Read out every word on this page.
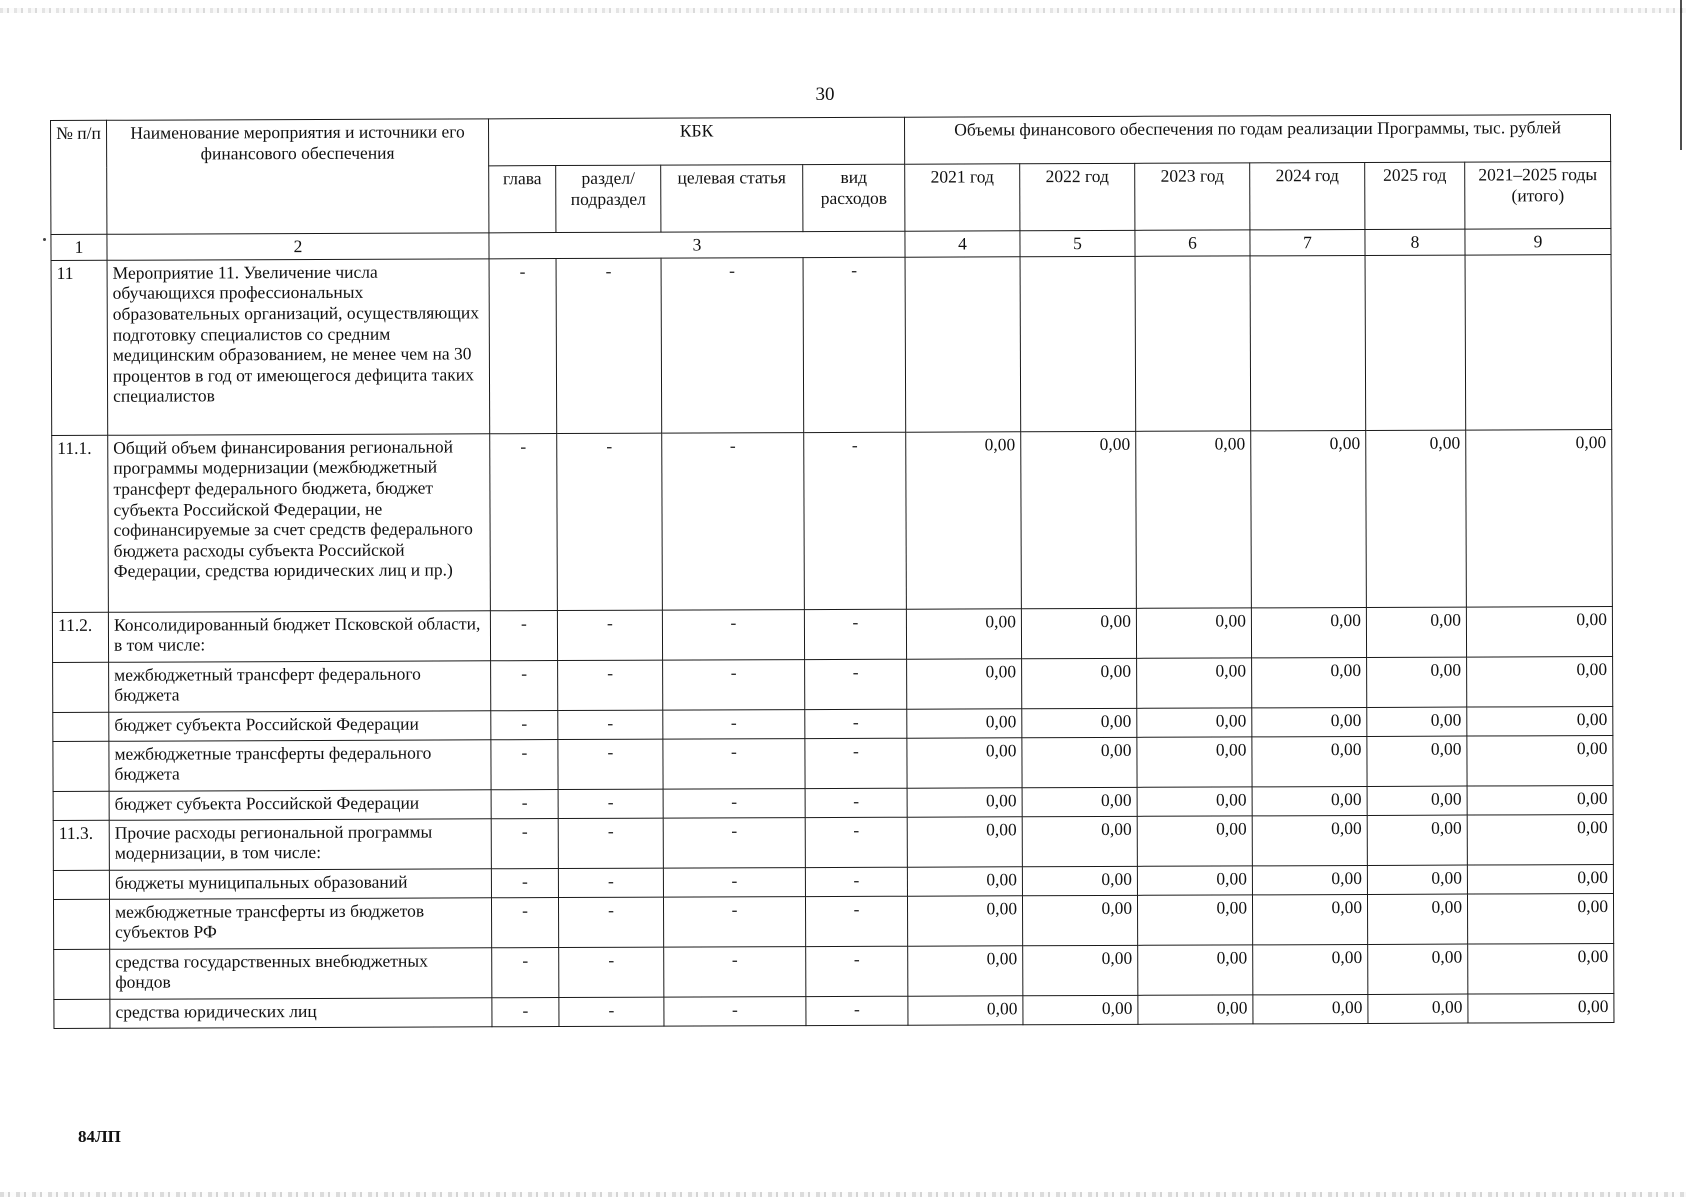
30
№ п/п	Наименование мероприятия и источники его финансового обеспечения	КБК				Объемы финансового обеспечения по годам реализации Программы, тыс. рублей					
		глава	раздел/ подраздел	целевая статья	вид расходов	2021 год	2022 год	2023 год	2024 год	2025 год	2021–2025 годы (итого)
1	2	3				4	5	6	7	8	9
11	Мероприятие 11. Увеличение числа обучающихся профессиональных образовательных организаций, осуществляющих подготовку специалистов со средним медицинским образованием, не менее чем на 30 процентов в год от имеющегося дефицита таких специалистов	-	-	-	-						
11.1.	Общий объем финансирования региональной программы модернизации (межбюджетный трансферт федерального бюджета, бюджет субъекта Российской Федерации, не софинансируемые за счет средств федерального бюджета расходы субъекта Российской Федерации, средства юридических лиц и пр.)	-	-	-	-	0,00	0,00	0,00	0,00	0,00	0,00
11.2.	Консолидированный бюджет Псковской области, в том числе:	-	-	-	-	0,00	0,00	0,00	0,00	0,00	0,00
	межбюджетный трансферт федерального бюджета	-	-	-	-	0,00	0,00	0,00	0,00	0,00	0,00
	бюджет субъекта Российской Федерации	-	-	-	-	0,00	0,00	0,00	0,00	0,00	0,00
	межбюджетные трансферты федерального бюджета	-	-	-	-	0,00	0,00	0,00	0,00	0,00	0,00
	бюджет субъекта Российской Федерации	-	-	-	-	0,00	0,00	0,00	0,00	0,00	0,00
11.3.	Прочие расходы региональной программы модернизации, в том числе:	-	-	-	-	0,00	0,00	0,00	0,00	0,00	0,00
	бюджеты муниципальных образований	-	-	-	-	0,00	0,00	0,00	0,00	0,00	0,00
	межбюджетные трансферты из бюджетов субъектов РФ	-	-	-	-	0,00	0,00	0,00	0,00	0,00	0,00
	средства государственных внебюджетных фондов	-	-	-	-	0,00	0,00	0,00	0,00	0,00	0,00
	средства юридических лиц	-	-	-	-	0,00	0,00	0,00	0,00	0,00	0,00
84ЛП
